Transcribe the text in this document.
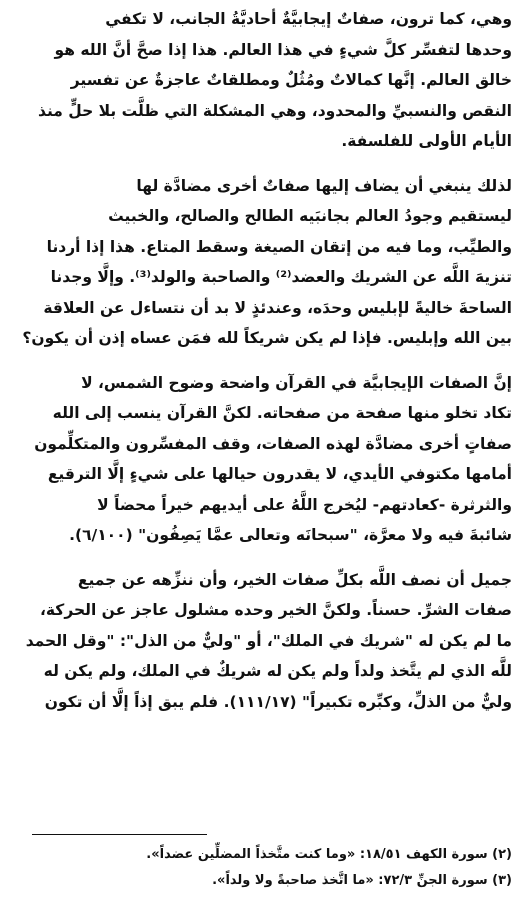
وهي، كما ترون، صفاتٌ إيجابيَّةٌ أحاديَّةُ الجانب، لا تكفي
وحدها لتفسِّر كلَّ شيءٍ في هذا العالم. هذا إذا صحَّ أنَّ الله هو
خالق العالم. إنَّها كمالاتٌ ومُثُلٌ ومطلقاتٌ عاجزةٌ عن تفسير
النقص والنسبيِّ والمحدود، وهي المشكلة التي ظلَّت بلا حلٍّ منذ
الأيام الأولى للفلسفة.
لذلك ينبغي أن يضاف إليها صفاتٌ أخرى مضادَّة لها
ليستقيم وجودُ العالم بجانبَيه الطالح والصالح، والخبيث
والطيِّب، وما فيه من إتقان الصيغة وسقط المتاع. هذا إذا أردنا
تنزيهَ اللَّه عن الشريك والعضد⁽²⁾ والصاحبة والولد⁽³⁾. وإلَّا وجدنا
الساحةَ خاليةً لإبليس وحدَه، وعندئذٍ لا بد أن نتساءل عن العلاقة
بين الله وإبليس. فإذا لم يكن شريكاً لله فمَن عساه إذن أن يكون؟
إنَّ الصفات الإيجابيَّة في القرآن واضحة وضوح الشمس، لا
تكاد تخلو منها صفحة من صفحاته. لكنَّ القرآن ينسب إلى الله
صفاتٍ أخرى مضادَّة لهذه الصفات، وقف المفسِّرون والمتكلِّمون
أمامها مكتوفي الأيدي، لا يقدرون حيالها على شيءٍ إلَّا الترقيع
والثرثرة -كعادتهم- ليُخرج اللَّهُ على أيديهم خيراً محضاً لا
شائبةَ فيه ولا معرَّة، "سبحانَه وتعالى عمَّا يَصِفُون" (٦/١٠٠).
جميل أن نصف اللَّه بكلِّ صفات الخير، وأن ننزِّهه عن جميع
صفات الشرِّ. حسناً. ولكنَّ الخير وحده مشلول عاجز عن الحركة،
ما لم يكن له "شريك في الملك"، أو "وليٌّ من الذل": "وقل الحمد
للَّه الذي لم يتَّخذ ولداً ولم يكن له شريكٌ في الملك، ولم يكن له
وليٌّ من الذلِّ، وكبِّره تكبيراً" (١١١/١٧). فلم يبق إذاً إلَّا أن تكون
(٢) سورة الكهف ١٨/٥١: «وما كنت متَّخذاً المضلِّين عضداً».
(٣) سورة الجنِّ ٧٢/٣: «ما اتَّخذ صاحبةً ولا ولداً».
